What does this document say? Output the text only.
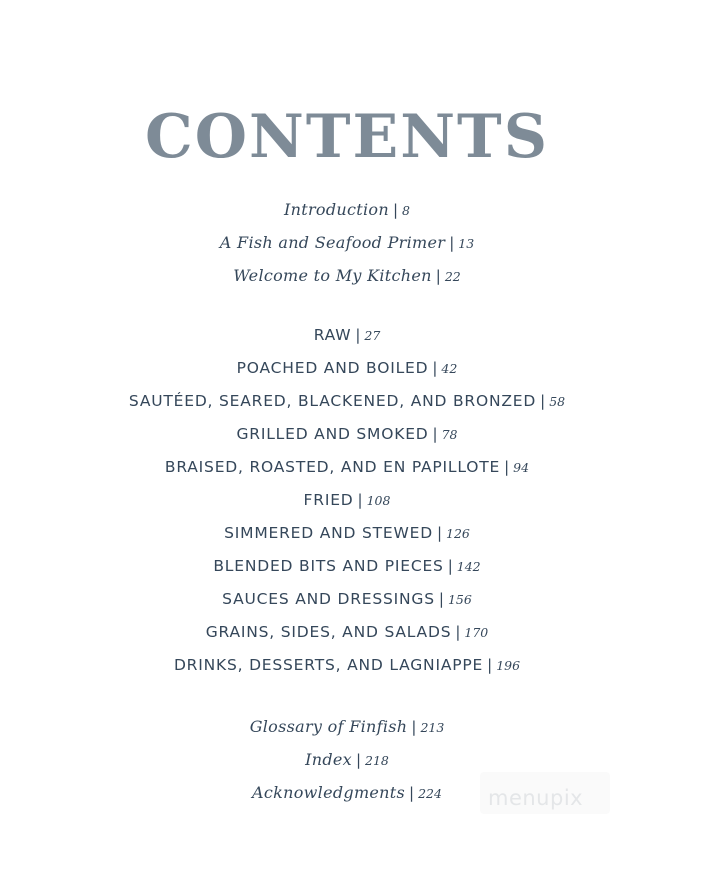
CONTENTS
Introduction | 8
A Fish and Seafood Primer | 13
Welcome to My Kitchen | 22
RAW | 27
POACHED AND BOILED | 42
SAUTÉED, SEARED, BLACKENED, AND BRONZED | 58
GRILLED AND SMOKED | 78
BRAISED, ROASTED, AND EN PAPILLOTE | 94
FRIED | 108
SIMMERED AND STEWED | 126
BLENDED BITS AND PIECES | 142
SAUCES AND DRESSINGS | 156
GRAINS, SIDES, AND SALADS | 170
DRINKS, DESSERTS, AND LAGNIAPPE | 196
Glossary of Finfish | 213
Index | 218
Acknowledgments | 224	menupix
